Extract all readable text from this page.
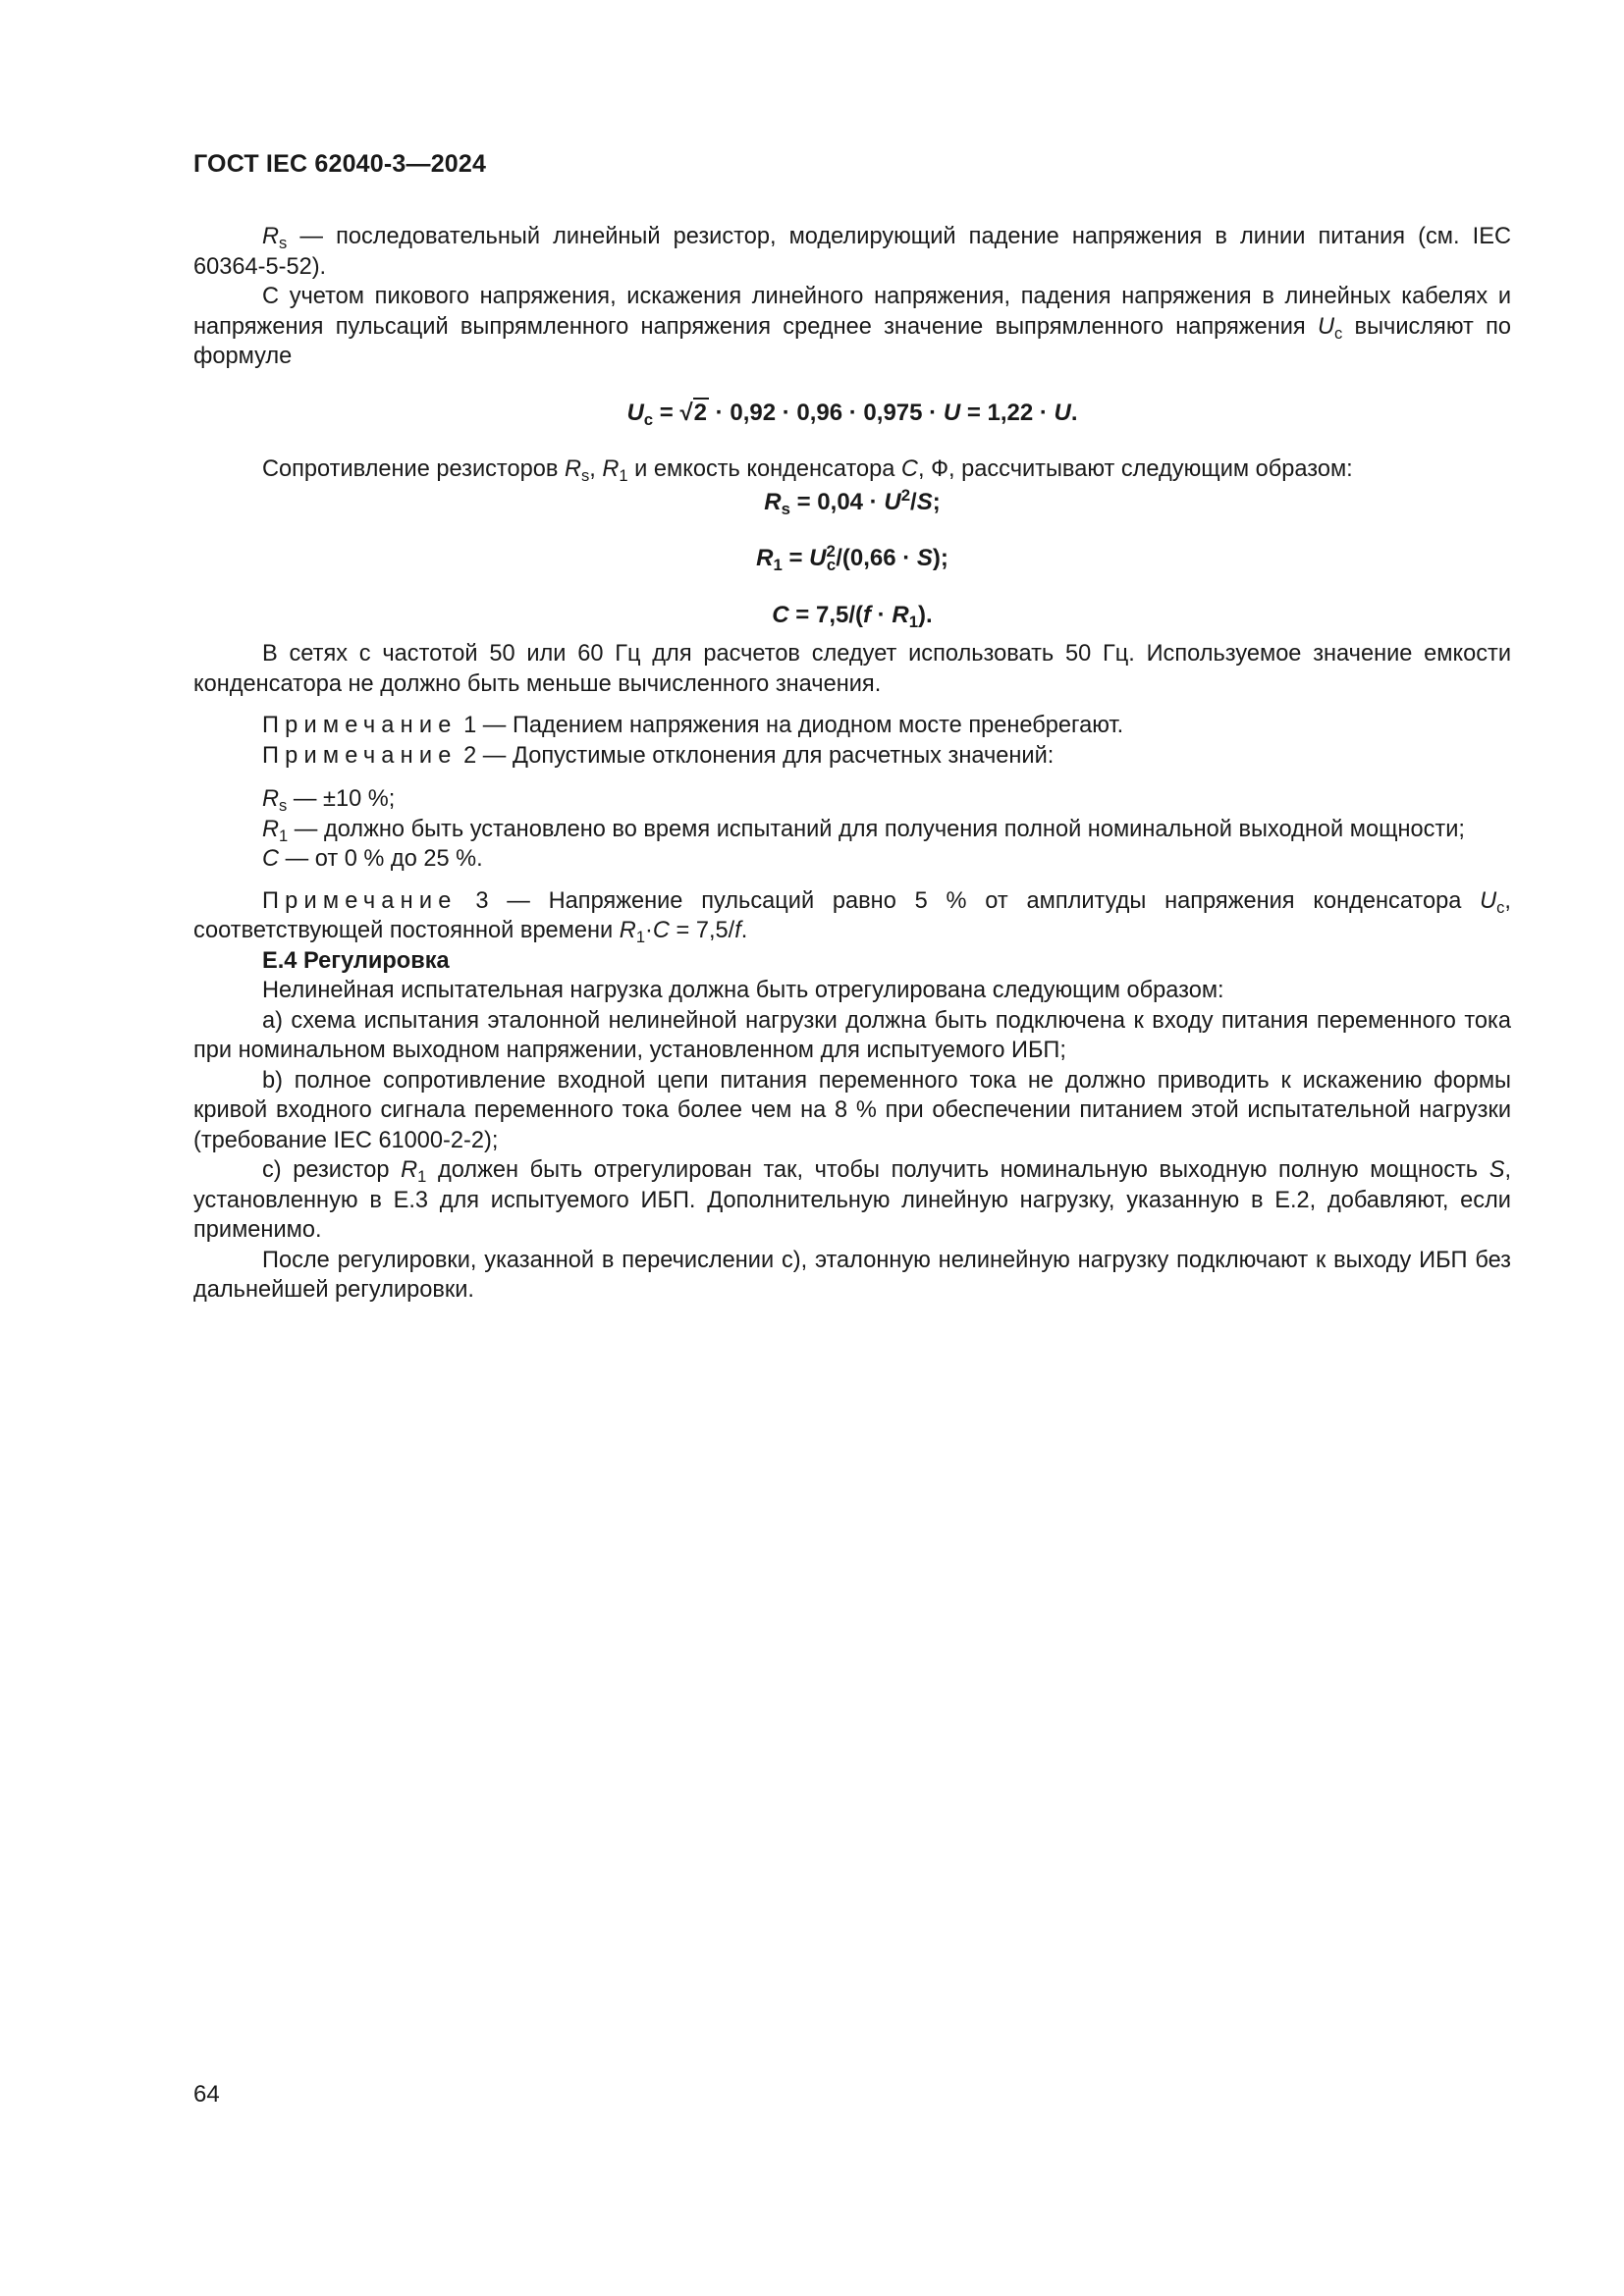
ГОСТ IEC 62040-3—2024

$R_s$ — последовательный линейный резистор, моделирующий падение напряжения в линии питания (см. IEC 60364-5-52).

С учетом пикового напряжения, искажения линейного напряжения, падения напряжения в линейных кабелях и напряжения пульсаций выпрямленного напряжения среднее значение выпрямленного напряжения $U_c$ вычисляют по формуле

$U_c = √2 \cdot 0,92 \cdot 0,96 \cdot 0,975 \cdot U = 1,22 \cdot U$.

Сопротивление резисторов $R_s$, $R_1$ и емкость конденсатора C, Ф, рассчитывают следующим образом:

$R_s = 0,04 \cdot U^2/S$;

$R_1 = U^2_c/(0,66 \cdot S)$;

$C = 7,5/(f \cdot R_1)$.

В сетях с частотой 50 или 60 Гц для расчетов следует использовать 50 Гц. Используемое значение емкости конденсатора не должно быть меньше вычисленного значения.

Примечание 1 — Падением напряжения на диодном мосте пренебрегают.

Примечание 2 — Допустимые отклонения для расчетных значений:

$R_s$ — ±10 %;

$R_1$ — должно быть установлено во время испытаний для получения полной номинальной выходной мощности;

C — от 0 % до 25 %.

Примечание 3 — Напряжение пульсаций равно 5 % от амплитуды напряжения конденсатора $U_c$, соответствующей постоянной времени $R_1\cdot C = 7,5/f$.

Е.4 Регулировка

Нелинейная испытательная нагрузка должна быть отрегулирована следующим образом:

a) схема испытания эталонной нелинейной нагрузки должна быть подключена к входу питания переменного тока при номинальном выходном напряжении, установленном для испытуемого ИБП;

b) полное сопротивление входной цепи питания переменного тока не должно приводить к искажению формы кривой входного сигнала переменного тока более чем на 8 % при обеспечении питанием этой испытательной нагрузки (требование IEC 61000-2-2);

c) резистор $R_1$ должен быть отрегулирован так, чтобы получить номинальную выходную полную мощность S, установленную в Е.3 для испытуемого ИБП. Дополнительную линейную нагрузку, указанную в Е.2, добавляют, если применимо.

После регулировки, указанной в перечислении c), эталонную нелинейную нагрузку подключают к выходу ИБП без дальнейшей регулировки.

64
